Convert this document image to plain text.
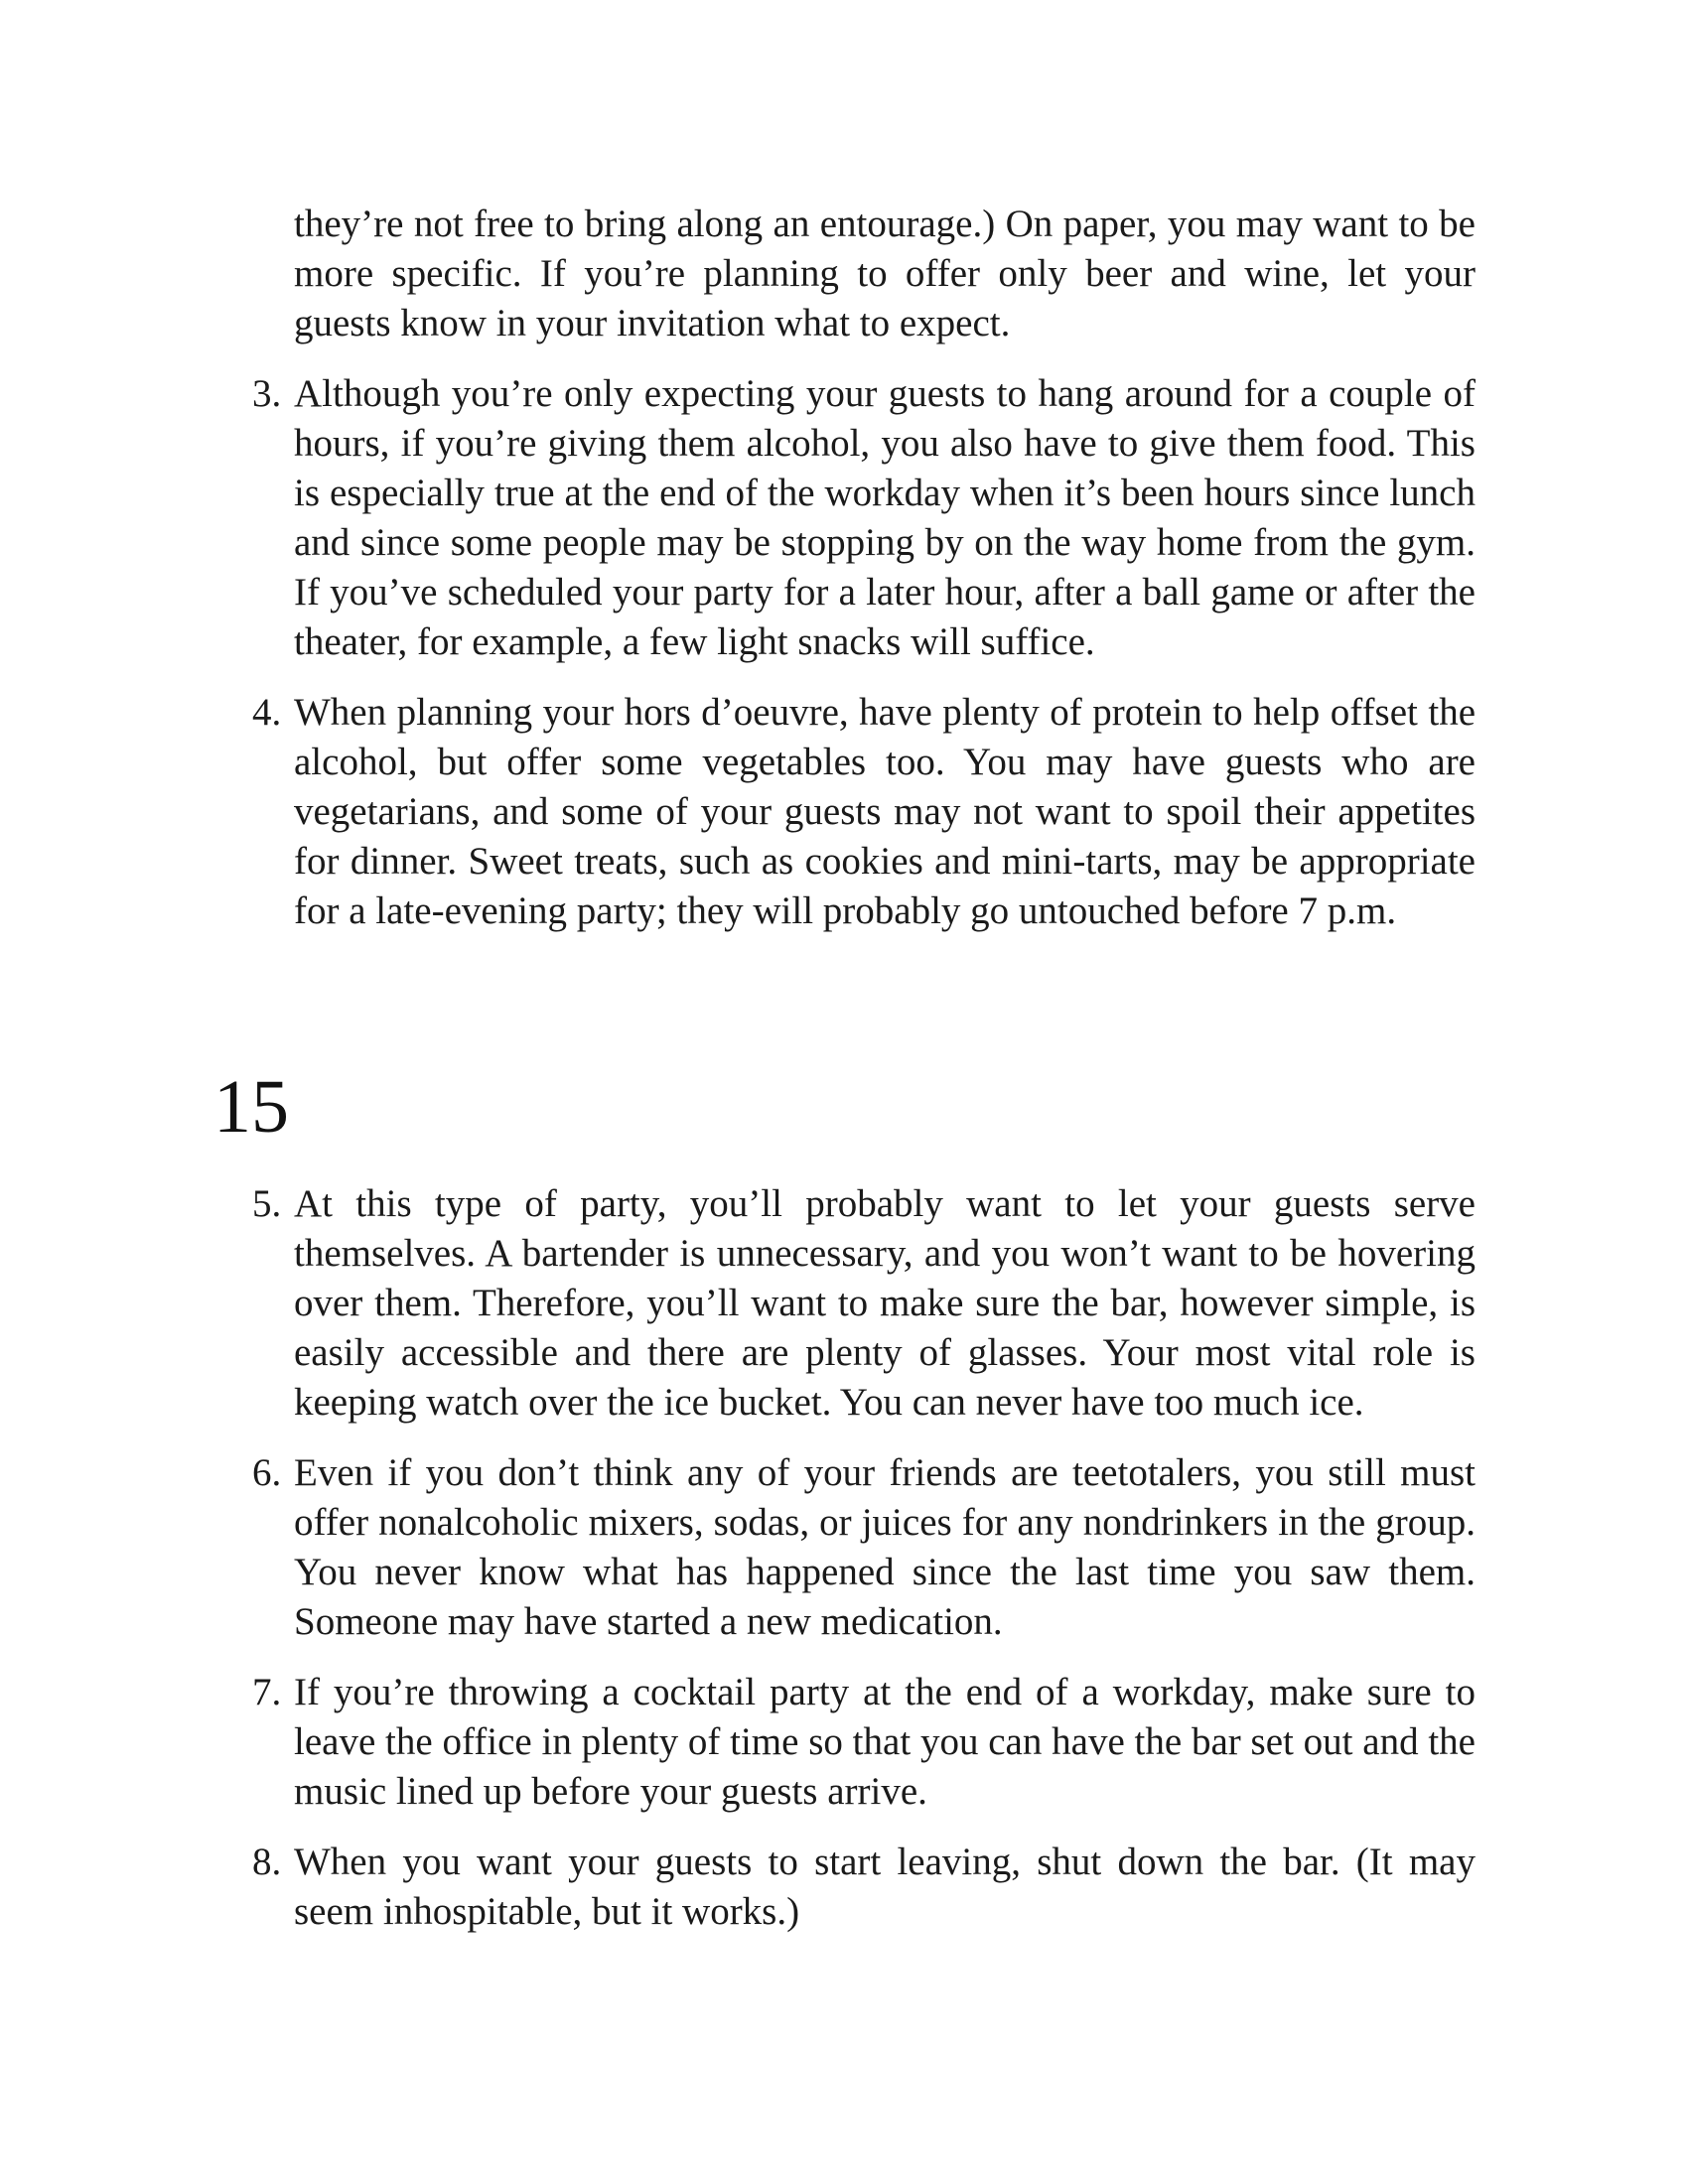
they’re not free to bring along an entourage.) On paper, you may want to be more specific. If you’re planning to offer only beer and wine, let your guests know in your invitation what to expect.

3. Although you’re only expecting your guests to hang around for a couple of hours, if you’re giving them alcohol, you also have to give them food. This is especially true at the end of the workday when it’s been hours since lunch and since some people may be stopping by on the way home from the gym. If you’ve scheduled your party for a later hour, after a ball game or after the theater, for example, a few light snacks will suffice.

4. When planning your hors d’oeuvre, have plenty of protein to help offset the alcohol, but offer some vegetables too. You may have guests who are vegetarians, and some of your guests may not want to spoil their appetites for dinner. Sweet treats, such as cookies and mini-tarts, may be appropriate for a late-evening party; they will probably go untouched before 7 p.m.

15
5. At this type of party, you’ll probably want to let your guests serve themselves. A bartender is unnecessary, and you won’t want to be hovering over them. Therefore, you’ll want to make sure the bar, however simple, is easily accessible and there are plenty of glasses. Your most vital role is keeping watch over the ice bucket. You can never have too much ice.

6. Even if you don’t think any of your friends are teetotalers, you still must offer nonalcoholic mixers, sodas, or juices for any nondrinkers in the group. You never know what has happened since the last time you saw them. Someone may have started a new medication.

7. If you’re throwing a cocktail party at the end of a workday, make sure to leave the office in plenty of time so that you can have the bar set out and the music lined up before your guests arrive.

8. When you want your guests to start leaving, shut down the bar. (It may seem inhospitable, but it works.)
